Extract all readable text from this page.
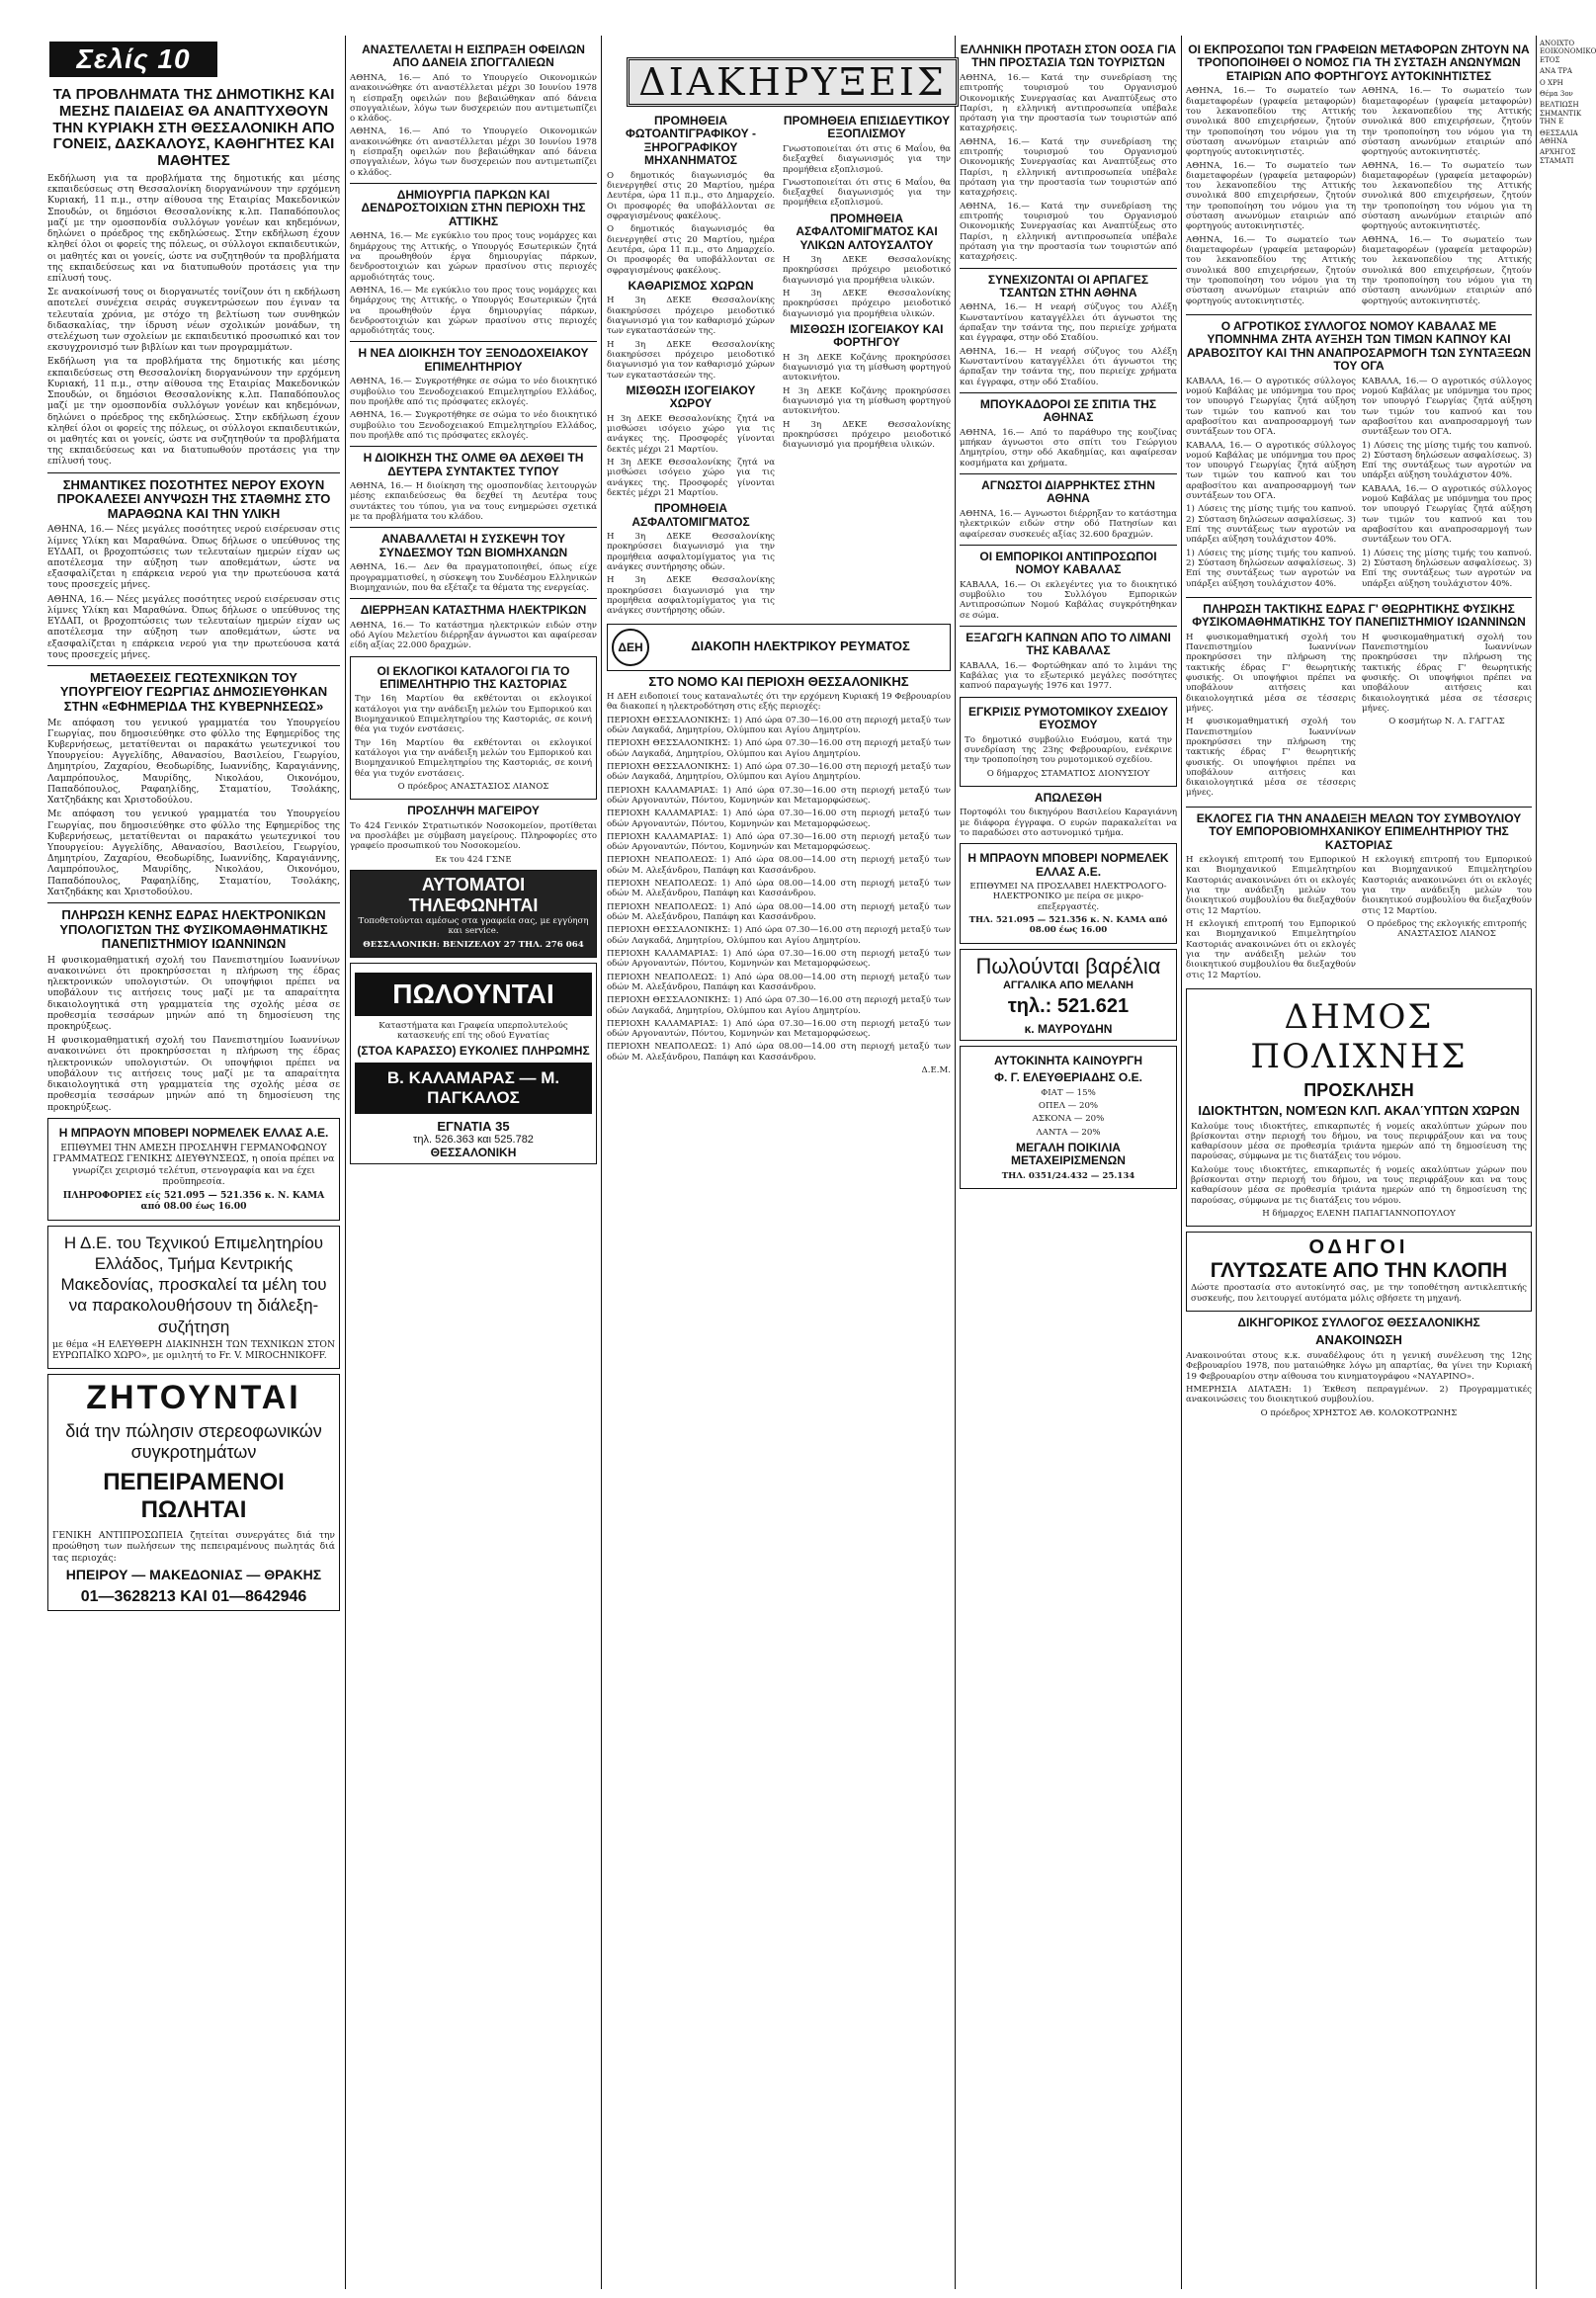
Σελίς 10
ΤΑ ΠΡΟΒΛΗΜΑΤΑ ΤΗΣ ΔΗΜΟΤΙΚΗΣ ΚΑΙ ΜΕΣΗΣ ΠΑΙΔΕΙΑΣ ΘΑ ΑΝΑΠΤΥΧΘΟΥΝ ΤΗΝ ΚΥΡΙΑΚΗ ΣΤΗ ΘΕΣΣΑΛΟΝΙΚΗ ΑΠΟ ΓΟΝΕΙΣ, ΔΑΣΚΑΛΟΥΣ, ΚΑΘΗΓΗΤΕΣ ΚΑΙ ΜΑΘΗΤΕΣ

Εκδήλωση για τα προβλήματα της δημοτικής και μέσης εκπαιδεύσεως στη Θεσσαλονίκη διοργανώνουν την ερχόμενη Κυριακή, 11 π.μ., στην αίθουσα της Εταιρίας Μακεδονικών Σπουδών, οι δημόσιοι Θεσσαλονίκης κ.λπ. Παπαδόπουλος μαζί με την ομοσπονδία συλλόγων γονέων και κηδεμόνων, δηλώνει ο πρόεδρος της εκδηλώσεως. Στην εκδήλωση έχουν κληθεί όλοι οι φορείς της πόλεως, οι σύλλογοι εκπαιδευτικών, οι μαθητές και οι γονείς, ώστε να συζητηθούν τα προβλήματα της εκπαιδεύσεως και να διατυπωθούν προτάσεις για την επίλυσή τους.

Σε ανακοίνωσή τους οι διοργανωτές τονίζουν ότι η εκδήλωση αποτελεί συνέχεια σειράς συγκεντρώσεων που έγιναν τα τελευταία χρόνια, με στόχο τη βελτίωση των συνθηκών διδασκαλίας, την ίδρυση νέων σχολικών μονάδων, τη στελέχωση των σχολείων με εκπαιδευτικό προσωπικό και τον εκσυγχρονισμό των βιβλίων και των προγραμμάτων.

Εκδήλωση για τα προβλήματα της δημοτικής και μέσης εκπαιδεύσεως στη Θεσσαλονίκη διοργανώνουν την ερχόμενη Κυριακή, 11 π.μ., στην αίθουσα της Εταιρίας Μακεδονικών Σπουδών, οι δημόσιοι Θεσσαλονίκης κ.λπ. Παπαδόπουλος μαζί με την ομοσπονδία συλλόγων γονέων και κηδεμόνων, δηλώνει ο πρόεδρος της εκδηλώσεως. Στην εκδήλωση έχουν κληθεί όλοι οι φορείς της πόλεως, οι σύλλογοι εκπαιδευτικών, οι μαθητές και οι γονείς, ώστε να συζητηθούν τα προβλήματα της εκπαιδεύσεως και να διατυπωθούν προτάσεις για την επίλυσή τους.

ΣΗΜΑΝΤΙΚΕΣ ΠΟΣΟΤΗΤΕΣ ΝΕΡΟΥ ΕΧΟΥΝ ΠΡΟΚΑΛΕΣΕΙ ΑΝΥΨΩΣΗ ΤΗΣ ΣΤΑΘΜΗΣ ΣΤΟ ΜΑΡΑΘΩΝΑ ΚΑΙ ΤΗΝ ΥΛΙΚΗ

ΑΘΗΝΑ, 16.— Νέες μεγάλες ποσότητες νερού εισέρευσαν στις λίμνες Υλίκη και Μαραθώνα. Όπως δήλωσε ο υπεύθυνος της ΕΥΔΑΠ, οι βροχοπτώσεις των τελευταίων ημερών είχαν ως αποτέλεσμα την αύξηση των αποθεμάτων, ώστε να εξασφαλίζεται η επάρκεια νερού για την πρωτεύουσα κατά τους προσεχείς μήνες.

ΑΘΗΝΑ, 16.— Νέες μεγάλες ποσότητες νερού εισέρευσαν στις λίμνες Υλίκη και Μαραθώνα. Όπως δήλωσε ο υπεύθυνος της ΕΥΔΑΠ, οι βροχοπτώσεις των τελευταίων ημερών είχαν ως αποτέλεσμα την αύξηση των αποθεμάτων, ώστε να εξασφαλίζεται η επάρκεια νερού για την πρωτεύουσα κατά τους προσεχείς μήνες.

ΜΕΤΑΘΕΣΕΙΣ ΓΕΩΤΕΧΝΙΚΩΝ ΤΟΥ ΥΠΟΥΡΓΕΙΟΥ ΓΕΩΡΓΙΑΣ ΔΗΜΟΣΙΕΥΘΗΚΑΝ ΣΤΗΝ «ΕΦΗΜΕΡΙΔΑ ΤΗΣ ΚΥΒΕΡΝΗΣΕΩΣ»

Με απόφαση του γενικού γραμματέα του Υπουργείου Γεωργίας, που δημοσιεύθηκε στο φύλλο της Εφημερίδος της Κυβερνήσεως, μετατίθενται οι παρακάτω γεωτεχνικοί του Υπουργείου: Αγγελίδης, Αθανασίου, Βασιλείου, Γεωργίου, Δημητρίου, Ζαχαρίου, Θεοδωρίδης, Ιωαννίδης, Καραγιάννης, Λαμπρόπουλος, Μαυρίδης, Νικολάου, Οικονόμου, Παπαδόπουλος, Ραφαηλίδης, Σταματίου, Τσολάκης, Χατζηδάκης και Χριστοδούλου.

Με απόφαση του γενικού γραμματέα του Υπουργείου Γεωργίας, που δημοσιεύθηκε στο φύλλο της Εφημερίδος της Κυβερνήσεως, μετατίθενται οι παρακάτω γεωτεχνικοί του Υπουργείου: Αγγελίδης, Αθανασίου, Βασιλείου, Γεωργίου, Δημητρίου, Ζαχαρίου, Θεοδωρίδης, Ιωαννίδης, Καραγιάννης, Λαμπρόπουλος, Μαυρίδης, Νικολάου, Οικονόμου, Παπαδόπουλος, Ραφαηλίδης, Σταματίου, Τσολάκης, Χατζηδάκης και Χριστοδούλου.

ΠΛΗΡΩΣΗ ΚΕΝΗΣ ΕΔΡΑΣ ΗΛΕΚΤΡΟΝΙΚΩΝ ΥΠΟΛΟΓΙΣΤΩΝ ΤΗΣ ΦΥΣΙΚΟΜΑΘΗΜΑΤΙΚΗΣ ΠΑΝΕΠΙΣΤΗΜΙΟΥ ΙΩΑΝΝΙΝΩΝ

Η φυσικομαθηματική σχολή του Πανεπιστημίου Ιωαννίνων ανακοινώνει ότι προκηρύσσεται η πλήρωση της έδρας ηλεκτρονικών υπολογιστών. Οι υποψήφιοι πρέπει να υποβάλουν τις αιτήσεις τους μαζί με τα απαραίτητα δικαιολογητικά στη γραμματεία της σχολής μέσα σε προθεσμία τεσσάρων μηνών από τη δημοσίευση της προκηρύξεως.

Η φυσικομαθηματική σχολή του Πανεπιστημίου Ιωαννίνων ανακοινώνει ότι προκηρύσσεται η πλήρωση της έδρας ηλεκτρονικών υπολογιστών. Οι υποψήφιοι πρέπει να υποβάλουν τις αιτήσεις τους μαζί με τα απαραίτητα δικαιολογητικά στη γραμματεία της σχολής μέσα σε προθεσμία τεσσάρων μηνών από τη δημοσίευση της προκηρύξεως.

Η ΜΠΡΑΟΥΝ ΜΠΟΒΕΡΙ ΝΟΡΜΕΛΕΚ ΕΛΛΑΣ Α.Ε.

ΕΠΙΘΥΜΕΙ ΤΗΝ ΑΜΕΣΗ ΠΡΟΣΛΗΨΗ ΓΕΡΜΑΝΟΦΩΝΟΥ ΓΡΑΜΜΑΤΕΩΣ ΓΕΝΙΚΗΣ ΔΙΕΥΘΥΝΣΕΩΣ, η οποία πρέπει να γνωρίζει χειρισμό τελέτυπ, στενογραφία και να έχει προϋπηρεσία.

ΠΛΗΡΟΦΟΡΙΕΣ είς 521.095 — 521.356 κ. Ν. ΚΑΜΑ από 08.00 έως 16.00

Η Δ.Ε. του Τεχνικού Επιμελητηρίου Ελλάδος, Τμήμα Κεντρικής Μακεδονίας, προσκαλεί τα μέλη του να παρακολουθήσουν τη διάλεξη-συζήτηση

με θέμα «Η ΕΛΕΥΘΕΡΗ ΔΙΑΚΙΝΗΣΗ ΤΩΝ ΤΕΧΝΙΚΩΝ ΣΤΟΝ ΕΥΡΩΠΑΪΚΟ ΧΩΡΟ», με ομιλητή το Fr. V. MIROCHNIKOFF.

ΖΗΤΟΥΝΤΑΙ
διά την πώλησιν στερεοφωνικών συγκροτημάτων
ΠΕΠΕΙΡΑΜΕΝΟΙ ΠΩΛΗΤΑΙ

ΓΕΝΙΚΗ ΑΝΤΙΠΡΟΣΩΠΕΙΑ ζητείται συνεργάτες διά την προώθηση των πωλήσεων της πεπειραμένους πωλητάς διά τας περιοχάς:

ΗΠΕΙΡΟΥ — ΜΑΚΕΔΟΝΙΑΣ — ΘΡΑΚΗΣ
01—3628213 ΚΑΙ 01—8642946
ΑΝΑΣΤΕΛΛΕΤΑΙ Η ΕΙΣΠΡΑΞΗ ΟΦΕΙΛΩΝ ΑΠΟ ΔΑΝΕΙΑ ΣΠΟΓΓΑΛΙΕΩΝ

ΑΘΗΝΑ, 16.— Από το Υπουργείο Οικονομικών ανακοινώθηκε ότι αναστέλλεται μέχρι 30 Ιουνίου 1978 η είσπραξη οφειλών που βεβαιώθηκαν από δάνεια σπογγαλιέων, λόγω των δυσχερειών που αντιμετωπίζει ο κλάδος.

ΑΘΗΝΑ, 16.— Από το Υπουργείο Οικονομικών ανακοινώθηκε ότι αναστέλλεται μέχρι 30 Ιουνίου 1978 η είσπραξη οφειλών που βεβαιώθηκαν από δάνεια σπογγαλιέων, λόγω των δυσχερειών που αντιμετωπίζει ο κλάδος.

ΔΗΜΙΟΥΡΓΙΑ ΠΑΡΚΩΝ ΚΑΙ ΔΕΝΔΡΟΣΤΟΙΧΙΩΝ ΣΤΗΝ ΠΕΡΙΟΧΗ ΤΗΣ ΑΤΤΙΚΗΣ

ΑΘΗΝΑ, 16.— Με εγκύκλιο του προς τους νομάρχες και δημάρχους της Αττικής, ο Υπουργός Εσωτερικών ζητά να προωθηθούν έργα δημιουργίας πάρκων, δενδροστοιχιών και χώρων πρασίνου στις περιοχές αρμοδιότητάς τους.

ΑΘΗΝΑ, 16.— Με εγκύκλιο του προς τους νομάρχες και δημάρχους της Αττικής, ο Υπουργός Εσωτερικών ζητά να προωθηθούν έργα δημιουργίας πάρκων, δενδροστοιχιών και χώρων πρασίνου στις περιοχές αρμοδιότητάς τους.

Η ΝΕΑ ΔΙΟΙΚΗΣΗ ΤΟΥ ΞΕΝΟΔΟΧΕΙΑΚΟΥ ΕΠΙΜΕΛΗΤΗΡΙΟΥ

ΑΘΗΝΑ, 16.— Συγκροτήθηκε σε σώμα το νέο διοικητικό συμβούλιο του Ξενοδοχειακού Επιμελητηρίου Ελλάδος, που προήλθε από τις πρόσφατες εκλογές.

ΑΘΗΝΑ, 16.— Συγκροτήθηκε σε σώμα το νέο διοικητικό συμβούλιο του Ξενοδοχειακού Επιμελητηρίου Ελλάδος, που προήλθε από τις πρόσφατες εκλογές.

Η ΔΙΟΙΚΗΣΗ ΤΗΣ ΟΛΜΕ ΘΑ ΔΕΧΘΕΙ ΤΗ ΔΕΥΤΕΡΑ ΣΥΝΤΑΚΤΕΣ ΤΥΠΟΥ

ΑΘΗΝΑ, 16.— Η διοίκηση της ομοσπονδίας λειτουργών μέσης εκπαιδεύσεως θα δεχθεί τη Δευτέρα τους συντάκτες του τύπου, για να τους ενημερώσει σχετικά με τα προβλήματα του κλάδου.

ΑΝΑΒΑΛΛΕΤΑΙ Η ΣΥΣΚΕΨΗ ΤΟΥ ΣΥΝΔΕΣΜΟΥ ΤΩΝ ΒΙΟΜΗΧΑΝΩΝ

ΑΘΗΝΑ, 16.— Δεν θα πραγματοποιηθεί, όπως είχε προγραμματισθεί, η σύσκεψη του Συνδέσμου Ελληνικών Βιομηχανιών, που θα εξέταζε τα θέματα της ενεργείας.

ΔΙΕΡΡΗΞΑΝ ΚΑΤΑΣΤΗΜΑ ΗΛΕΚΤΡΙΚΩΝ

ΑΘΗΝΑ, 16.— Το κατάστημα ηλεκτρικών ειδών στην οδό Αγίου Μελετίου διέρρηξαν άγνωστοι και αφαίρεσαν είδη αξίας 22.000 δραχμών.

ΟΙ ΕΚΛΟΓΙΚΟΙ ΚΑΤΑΛΟΓΟΙ ΓΙΑ ΤΟ ΕΠΙΜΕΛΗΤΗΡΙΟ ΤΗΣ ΚΑΣΤΟΡΙΑΣ

Την 16η Μαρτίου θα εκθέτονται οι εκλογικοί κατάλογοι για την ανάδειξη μελών του Εμπορικού και Βιομηχανικού Επιμελητηρίου της Καστοριάς, σε κοινή θέα για τυχόν ενστάσεις.

Την 16η Μαρτίου θα εκθέτονται οι εκλογικοί κατάλογοι για την ανάδειξη μελών του Εμπορικού και Βιομηχανικού Επιμελητηρίου της Καστοριάς, σε κοινή θέα για τυχόν ενστάσεις.

Ο πρόεδρος ΑΝΑΣΤΑΣΙΟΣ ΛΙΑΝΟΣ

ΠΡΟΣΛΗΨΗ ΜΑΓΕΙΡΟΥ

Το 424 Γενικόν Στρατιωτικόν Νοσοκομείον, προτίθεται να προσλάβει με σύμβαση μαγείρους. Πληροφορίες στο γραφείο προσωπικού του Νοσοκομείου.

Εκ του 424 ΓΣΝΕ

ΑΥΤΟΜΑΤΟΙ ΤΗΛΕΦΩΝΗΤΑΙ

Τοποθετούνται αμέσως στα γραφεία σας, με εγγύηση και service.

ΘΕΣΣΑΛΟΝΙΚΗ: ΒΕΝΙΖΕΛΟΥ 27 ΤΗΛ. 276 064

ΠΩΛΟΥΝΤΑΙ

Καταστήματα και Γραφεία υπερπολυτελούς κατασκευής επί της οδού Εγνατίας

(ΣΤΟΑ ΚΑΡΑΣΣΟ) ΕΥΚΟΛΙΕΣ ΠΛΗΡΩΜΗΣ
Β. ΚΑΛΑΜΑΡΑΣ — Μ. ΠΑΓΚΑΛΟΣ
ΕΓΝΑΤΙΑ 35
τηλ. 526.363 και 525.782
ΘΕΣΣΑΛΟΝΙΚΗ
ΔΙΑΚΗΡΥΞΕΙΣ
ΠΡΟΜΗΘΕΙΑ ΦΩΤΟΑΝΤΙΓΡΑΦΙΚΟΥ - ΞΗΡΟΓΡΑΦΙΚΟΥ ΜΗΧΑΝΗΜΑΤΟΣ

Ο δημοτικός διαγωνισμός θα διενεργηθεί στις 20 Μαρτίου, ημέρα Δευτέρα, ώρα 11 π.μ., στο Δημαρχείο. Οι προσφορές θα υποβάλλονται σε σφραγισμένους φακέλους.

Ο δημοτικός διαγωνισμός θα διενεργηθεί στις 20 Μαρτίου, ημέρα Δευτέρα, ώρα 11 π.μ., στο Δημαρχείο. Οι προσφορές θα υποβάλλονται σε σφραγισμένους φακέλους.

ΚΑΘΑΡΙΣΜΟΣ ΧΩΡΩΝ

Η 3η ΔΕΚΕ Θεσσαλονίκης διακηρύσσει πρόχειρο μειοδοτικό διαγωνισμό για τον καθαρισμό χώρων των εγκαταστάσεών της.

Η 3η ΔΕΚΕ Θεσσαλονίκης διακηρύσσει πρόχειρο μειοδοτικό διαγωνισμό για τον καθαρισμό χώρων των εγκαταστάσεών της.

ΜΙΣΘΩΣΗ ΙΣΟΓΕΙΑΚΟΥ ΧΩΡΟΥ

Η 3η ΔΕΚΕ Θεσσαλονίκης ζητά να μισθώσει ισόγειο χώρο για τις ανάγκες της. Προσφορές γίνονται δεκτές μέχρι 21 Μαρτίου.

Η 3η ΔΕΚΕ Θεσσαλονίκης ζητά να μισθώσει ισόγειο χώρο για τις ανάγκες της. Προσφορές γίνονται δεκτές μέχρι 21 Μαρτίου.

ΠΡΟΜΗΘΕΙΑ ΑΣΦΑΛΤΟΜΙΓΜΑΤΟΣ

Η 3η ΔΕΚΕ Θεσσαλονίκης προκηρύσσει διαγωνισμό για την προμήθεια ασφαλτομίγματος για τις ανάγκες συντήρησης οδών.

Η 3η ΔΕΚΕ Θεσσαλονίκης προκηρύσσει διαγωνισμό για την προμήθεια ασφαλτομίγματος για τις ανάγκες συντήρησης οδών.

ΠΡΟΜΗΘΕΙΑ ΕΠΙΣΙΔΕΥΤΙΚΟΥ ΕΞΟΠΛΙΣΜΟΥ

Γνωστοποιείται ότι στις 6 Μαΐου, θα διεξαχθεί διαγωνισμός για την προμήθεια εξοπλισμού.

Γνωστοποιείται ότι στις 6 Μαΐου, θα διεξαχθεί διαγωνισμός για την προμήθεια εξοπλισμού.

ΠΡΟΜΗΘΕΙΑ ΑΣΦΑΛΤΟΜΙΓΜΑΤΟΣ ΚΑΙ ΥΛΙΚΩΝ ΑΛΤΟΥΣΑΛΤΟΥ

Η 3η ΔΕΚΕ Θεσσαλονίκης προκηρύσσει πρόχειρο μειοδοτικό διαγωνισμό για προμήθεια υλικών.

Η 3η ΔΕΚΕ Θεσσαλονίκης προκηρύσσει πρόχειρο μειοδοτικό διαγωνισμό για προμήθεια υλικών.

ΜΙΣΘΩΣΗ ΙΣΟΓΕΙΑΚΟΥ ΚΑΙ ΦΟΡΤΗΓΟΥ

Η 3η ΔΕΚΕ Κοζάνης προκηρύσσει διαγωνισμό για τη μίσθωση φορτηγού αυτοκινήτου.

Η 3η ΔΕΚΕ Κοζάνης προκηρύσσει διαγωνισμό για τη μίσθωση φορτηγού αυτοκινήτου.

Η 3η ΔΕΚΕ Θεσσαλονίκης προκηρύσσει πρόχειρο μειοδοτικό διαγωνισμό για προμήθεια υλικών.

ΔΕΗ	ΔΙΑΚΟΠΗ ΗΛΕΚΤΡΙΚΟΥ ΡΕΥΜΑΤΟΣ
ΣΤΟ ΝΟΜΟ ΚΑΙ ΠΕΡΙΟΧΗ ΘΕΣΣΑΛΟΝΙΚΗΣ

Η ΔΕΗ ειδοποιεί τους καταναλωτές ότι την ερχόμενη Κυριακή 19 Φεβρουαρίου θα διακοπεί η ηλεκτροδότηση στις εξής περιοχές:

ΠΕΡΙΟΧΗ ΘΕΣΣΑΛΟΝΙΚΗΣ: 1) Από ώρα 07.30—16.00 στη περιοχή μεταξύ των οδών Λαγκαδά, Δημητρίου, Ολύμπου και Αγίου Δημητρίου.

ΠΕΡΙΟΧΗ ΘΕΣΣΑΛΟΝΙΚΗΣ: 1) Από ώρα 07.30—16.00 στη περιοχή μεταξύ των οδών Λαγκαδά, Δημητρίου, Ολύμπου και Αγίου Δημητρίου.

ΠΕΡΙΟΧΗ ΘΕΣΣΑΛΟΝΙΚΗΣ: 1) Από ώρα 07.30—16.00 στη περιοχή μεταξύ των οδών Λαγκαδά, Δημητρίου, Ολύμπου και Αγίου Δημητρίου.

ΠΕΡΙΟΧΗ ΚΑΛΑΜΑΡΙΑΣ: 1) Από ώρα 07.30—16.00 στη περιοχή μεταξύ των οδών Αργοναυτών, Πόντου, Κομνηνών και Μεταμορφώσεως.

ΠΕΡΙΟΧΗ ΚΑΛΑΜΑΡΙΑΣ: 1) Από ώρα 07.30—16.00 στη περιοχή μεταξύ των οδών Αργοναυτών, Πόντου, Κομνηνών και Μεταμορφώσεως.

ΠΕΡΙΟΧΗ ΚΑΛΑΜΑΡΙΑΣ: 1) Από ώρα 07.30—16.00 στη περιοχή μεταξύ των οδών Αργοναυτών, Πόντου, Κομνηνών και Μεταμορφώσεως.

ΠΕΡΙΟΧΗ ΝΕΑΠΟΛΕΩΣ: 1) Από ώρα 08.00—14.00 στη περιοχή μεταξύ των οδών Μ. Αλεξάνδρου, Παπάφη και Κασσάνδρου.

ΠΕΡΙΟΧΗ ΝΕΑΠΟΛΕΩΣ: 1) Από ώρα 08.00—14.00 στη περιοχή μεταξύ των οδών Μ. Αλεξάνδρου, Παπάφη και Κασσάνδρου.

ΠΕΡΙΟΧΗ ΝΕΑΠΟΛΕΩΣ: 1) Από ώρα 08.00—14.00 στη περιοχή μεταξύ των οδών Μ. Αλεξάνδρου, Παπάφη και Κασσάνδρου.

ΠΕΡΙΟΧΗ ΘΕΣΣΑΛΟΝΙΚΗΣ: 1) Από ώρα 07.30—16.00 στη περιοχή μεταξύ των οδών Λαγκαδά, Δημητρίου, Ολύμπου και Αγίου Δημητρίου.

ΠΕΡΙΟΧΗ ΚΑΛΑΜΑΡΙΑΣ: 1) Από ώρα 07.30—16.00 στη περιοχή μεταξύ των οδών Αργοναυτών, Πόντου, Κομνηνών και Μεταμορφώσεως.

ΠΕΡΙΟΧΗ ΝΕΑΠΟΛΕΩΣ: 1) Από ώρα 08.00—14.00 στη περιοχή μεταξύ των οδών Μ. Αλεξάνδρου, Παπάφη και Κασσάνδρου.

ΠΕΡΙΟΧΗ ΘΕΣΣΑΛΟΝΙΚΗΣ: 1) Από ώρα 07.30—16.00 στη περιοχή μεταξύ των οδών Λαγκαδά, Δημητρίου, Ολύμπου και Αγίου Δημητρίου.

ΠΕΡΙΟΧΗ ΚΑΛΑΜΑΡΙΑΣ: 1) Από ώρα 07.30—16.00 στη περιοχή μεταξύ των οδών Αργοναυτών, Πόντου, Κομνηνών και Μεταμορφώσεως.

ΠΕΡΙΟΧΗ ΝΕΑΠΟΛΕΩΣ: 1) Από ώρα 08.00—14.00 στη περιοχή μεταξύ των οδών Μ. Αλεξάνδρου, Παπάφη και Κασσάνδρου.

Δ.Ε.Μ.

ΕΛΛΗΝΙΚΗ ΠΡΟΤΑΣΗ ΣΤΟΝ ΟΟΣΑ ΓΙΑ ΤΗΝ ΠΡΟΣΤΑΣΙΑ ΤΩΝ ΤΟΥΡΙΣΤΩΝ

ΑΘΗΝΑ, 16.— Κατά την συνεδρίαση της επιτροπής τουρισμού του Οργανισμού Οικονομικής Συνεργασίας και Αναπτύξεως στο Παρίσι, η ελληνική αντιπροσωπεία υπέβαλε πρόταση για την προστασία των τουριστών από καταχρήσεις.

ΑΘΗΝΑ, 16.— Κατά την συνεδρίαση της επιτροπής τουρισμού του Οργανισμού Οικονομικής Συνεργασίας και Αναπτύξεως στο Παρίσι, η ελληνική αντιπροσωπεία υπέβαλε πρόταση για την προστασία των τουριστών από καταχρήσεις.

ΑΘΗΝΑ, 16.— Κατά την συνεδρίαση της επιτροπής τουρισμού του Οργανισμού Οικονομικής Συνεργασίας και Αναπτύξεως στο Παρίσι, η ελληνική αντιπροσωπεία υπέβαλε πρόταση για την προστασία των τουριστών από καταχρήσεις.

ΣΥΝΕΧΙΖΟΝΤΑΙ ΟΙ ΑΡΠΑΓΕΣ ΤΣΑΝΤΩΝ ΣΤΗΝ ΑΘΗΝΑ

ΑΘΗΝΑ, 16.— Η νεαρή σύζυγος του Αλέξη Κωνσταντίνου καταγγέλλει ότι άγνωστοι της άρπαξαν την τσάντα της, που περιείχε χρήματα και έγγραφα, στην οδό Σταδίου.

ΑΘΗΝΑ, 16.— Η νεαρή σύζυγος του Αλέξη Κωνσταντίνου καταγγέλλει ότι άγνωστοι της άρπαξαν την τσάντα της, που περιείχε χρήματα και έγγραφα, στην οδό Σταδίου.

ΜΠΟΥΚΑΔΟΡΟΙ ΣΕ ΣΠΙΤΙΑ ΤΗΣ ΑΘΗΝΑΣ

ΑΘΗΝΑ, 16.— Από το παράθυρο της κουζίνας μπήκαν άγνωστοι στο σπίτι του Γεώργιου Δημητρίου, στην οδό Ακαδημίας, και αφαίρεσαν κοσμήματα και χρήματα.

ΑΓΝΩΣΤΟΙ ΔΙΑΡΡΗΚΤΕΣ ΣΤΗΝ ΑΘΗΝΑ

ΑΘΗΝΑ, 16.— Αγνωστοι διέρρηξαν το κατάστημα ηλεκτρικών ειδών στην οδό Πατησίων και αφαίρεσαν συσκευές αξίας 32.600 δραχμών.

ΟΙ ΕΜΠΟΡΙΚΟΙ ΑΝΤΙΠΡΟΣΩΠΟΙ ΝΟΜΟΥ ΚΑΒΑΛΑΣ

ΚΑΒΑΛΑ, 16.— Οι εκλεγέντες για το διοικητικό συμβούλιο του Συλλόγου Εμπορικών Αντιπροσώπων Νομού Καβάλας συγκρότηθηκαν σε σώμα.

ΕΞΑΓΩΓΗ ΚΑΠΝΩΝ ΑΠΟ ΤΟ ΛΙΜΑΝΙ ΤΗΣ ΚΑΒΑΛΑΣ

ΚΑΒΑΛΑ, 16.— Φορτώθηκαν από το λιμάνι της Καβάλας για το εξωτερικό μεγάλες ποσότητες καπνού παραγωγής 1976 και 1977.

ΕΓΚΡΙΣΙΣ ΡΥΜΟΤΟΜΙΚΟΥ ΣΧΕΔΙΟΥ ΕΥΟΣΜΟΥ

Το δημοτικό συμβούλιο Ευόσμου, κατά την συνεδρίαση της 23ης Φεβρουαρίου, ενέκρινε την τροποποίηση του ρυμοτομικού σχεδίου.

Ο δήμαρχος ΣΤΑΜΑΤΙΟΣ ΔΙΟΝΥΣΙΟΥ

ΑΠΩΛΕΣΘΗ

Πορτοφόλι του δικηγόρου Βασιλείου Καραγιάννη με διάφορα έγγραφα. Ο ευρών παρακαλείται να το παραδώσει στο αστυνομικό τμήμα.

Η ΜΠΡΑΟΥΝ ΜΠΟΒΕΡΙ ΝΟΡΜΕΛΕΚ ΕΛΛΑΣ Α.Ε.

ΕΠΙΘΥΜΕΙ ΝΑ ΠΡΟΣΛΑΒΕΙ ΗΛΕΚΤΡΟΛΟΓΟ-ΗΛΕΚΤΡΟΝΙΚΟ με πείρα σε μικρο-επεξεργαστές.

ΤΗΛ. 521.095 — 521.356 κ. Ν. ΚΑΜΑ από 08.00 έως 16.00

Πωλούνται βαρέλια
ΑΓΓΑΛΙΚΑ ΑΠΟ ΜΕΛΑΝΗ
τηλ.: 521.621
κ. ΜΑΥΡΟΥΔΗΝ
ΑΥΤΟΚΙΝΗΤΑ ΚΑΙΝΟΥΡΓΗ
Φ. Γ. ΕΛΕΥΘΕΡΙΑΔΗΣ Ο.Ε.
ΦΙΑΤ — 15%
ΟΠΕΛ — 20%
ΑΣΚΟΝΑ — 20%
ΛΑΝΤΑ — 20%
ΜΕΓΑΛΗ ΠΟΙΚΙΛΙΑ ΜΕΤΑΧΕΙΡΙΣΜΕΝΩΝ
ΤΗΛ. 0351/24.432 — 25.134
ΟΙ ΕΚΠΡΟΣΩΠΟΙ ΤΩΝ ΓΡΑΦΕΙΩΝ ΜΕΤΑΦΟΡΩΝ ΖΗΤΟΥΝ ΝΑ ΤΡΟΠΟΠΟΙΗΘΕΙ Ο ΝΟΜΟΣ ΓΙΑ ΤΗ ΣΥΣΤΑΣΗ ΑΝΩΝΥΜΩΝ ΕΤΑΙΡΙΩΝ ΑΠΟ ΦΟΡΤΗΓΟΥΣ ΑΥΤΟΚΙΝΗΤΙΣΤΕΣ

ΑΘΗΝΑ, 16.— Το σωματείο των διαμεταφορέων (γραφεία μεταφορών) του λεκανοπεδίου της Αττικής συνολικά 800 επιχειρήσεων, ζητούν την τροποποίηση του νόμου για τη σύσταση ανωνύμων εταιριών από φορτηγούς αυτοκινητιστές.

ΑΘΗΝΑ, 16.— Το σωματείο των διαμεταφορέων (γραφεία μεταφορών) του λεκανοπεδίου της Αττικής συνολικά 800 επιχειρήσεων, ζητούν την τροποποίηση του νόμου για τη σύσταση ανωνύμων εταιριών από φορτηγούς αυτοκινητιστές.

ΑΘΗΝΑ, 16.— Το σωματείο των διαμεταφορέων (γραφεία μεταφορών) του λεκανοπεδίου της Αττικής συνολικά 800 επιχειρήσεων, ζητούν την τροποποίηση του νόμου για τη σύσταση ανωνύμων εταιριών από φορτηγούς αυτοκινητιστές.

ΑΘΗΝΑ, 16.— Το σωματείο των διαμεταφορέων (γραφεία μεταφορών) του λεκανοπεδίου της Αττικής συνολικά 800 επιχειρήσεων, ζητούν την τροποποίηση του νόμου για τη σύσταση ανωνύμων εταιριών από φορτηγούς αυτοκινητιστές.

ΑΘΗΝΑ, 16.— Το σωματείο των διαμεταφορέων (γραφεία μεταφορών) του λεκανοπεδίου της Αττικής συνολικά 800 επιχειρήσεων, ζητούν την τροποποίηση του νόμου για τη σύσταση ανωνύμων εταιριών από φορτηγούς αυτοκινητιστές.

ΑΘΗΝΑ, 16.— Το σωματείο των διαμεταφορέων (γραφεία μεταφορών) του λεκανοπεδίου της Αττικής συνολικά 800 επιχειρήσεων, ζητούν την τροποποίηση του νόμου για τη σύσταση ανωνύμων εταιριών από φορτηγούς αυτοκινητιστές.

Ο ΑΓΡΟΤΙΚΟΣ ΣΥΛΛΟΓΟΣ ΝΟΜΟΥ ΚΑΒΑΛΑΣ ΜΕ ΥΠΟΜΝΗΜΑ ΖΗΤΑ ΑΥΞΗΣΗ ΤΩΝ ΤΙΜΩΝ ΚΑΠΝΟΥ ΚΑΙ ΑΡΑΒΟΣΙΤΟΥ ΚΑΙ ΤΗΝ ΑΝΑΠΡΟΣΑΡΜΟΓΗ ΤΩΝ ΣΥΝΤΑΞΕΩΝ ΤΟΥ ΟΓΑ

ΚΑΒΑΛΑ, 16.— Ο αγροτικός σύλλογος νομού Καβάλας με υπόμνημα του προς τον υπουργό Γεωργίας ζητά αύξηση των τιμών του καπνού και του αραβοσίτου και αναπροσαρμογή των συντάξεων του ΟΓΑ.

ΚΑΒΑΛΑ, 16.— Ο αγροτικός σύλλογος νομού Καβάλας με υπόμνημα του προς τον υπουργό Γεωργίας ζητά αύξηση των τιμών του καπνού και του αραβοσίτου και αναπροσαρμογή των συντάξεων του ΟΓΑ.

1) Λύσεις της μίσης τιμής του καπνού. 2) Σύσταση δηλώσεων ασφαλίσεως. 3) Επί της συντάξεως των αγροτών να υπάρξει αύξηση τουλάχιστον 40%.

1) Λύσεις της μίσης τιμής του καπνού. 2) Σύσταση δηλώσεων ασφαλίσεως. 3) Επί της συντάξεως των αγροτών να υπάρξει αύξηση τουλάχιστον 40%.

ΚΑΒΑΛΑ, 16.— Ο αγροτικός σύλλογος νομού Καβάλας με υπόμνημα του προς τον υπουργό Γεωργίας ζητά αύξηση των τιμών του καπνού και του αραβοσίτου και αναπροσαρμογή των συντάξεων του ΟΓΑ.

1) Λύσεις της μίσης τιμής του καπνού. 2) Σύσταση δηλώσεων ασφαλίσεως. 3) Επί της συντάξεως των αγροτών να υπάρξει αύξηση τουλάχιστον 40%.

ΚΑΒΑΛΑ, 16.— Ο αγροτικός σύλλογος νομού Καβάλας με υπόμνημα του προς τον υπουργό Γεωργίας ζητά αύξηση των τιμών του καπνού και του αραβοσίτου και αναπροσαρμογή των συντάξεων του ΟΓΑ.

1) Λύσεις της μίσης τιμής του καπνού. 2) Σύσταση δηλώσεων ασφαλίσεως. 3) Επί της συντάξεως των αγροτών να υπάρξει αύξηση τουλάχιστον 40%.

ΠΛΗΡΩΣΗ ΤΑΚΤΙΚΗΣ ΕΔΡΑΣ Γ' ΘΕΩΡΗΤΙΚΗΣ ΦΥΣΙΚΗΣ ΦΥΣΙΚΟΜΑΘΗΜΑΤΙΚΗΣ ΤΟΥ ΠΑΝΕΠΙΣΤΗΜΙΟΥ ΙΩΑΝΝΙΝΩΝ

Η φυσικομαθηματική σχολή του Πανεπιστημίου Ιωαννίνων προκηρύσσει την πλήρωση της τακτικής έδρας Γ' θεωρητικής φυσικής. Οι υποψήφιοι πρέπει να υποβάλουν αιτήσεις και δικαιολογητικά μέσα σε τέσσερις μήνες.

Η φυσικομαθηματική σχολή του Πανεπιστημίου Ιωαννίνων προκηρύσσει την πλήρωση της τακτικής έδρας Γ' θεωρητικής φυσικής. Οι υποψήφιοι πρέπει να υποβάλουν αιτήσεις και δικαιολογητικά μέσα σε τέσσερις μήνες.

Η φυσικομαθηματική σχολή του Πανεπιστημίου Ιωαννίνων προκηρύσσει την πλήρωση της τακτικής έδρας Γ' θεωρητικής φυσικής. Οι υποψήφιοι πρέπει να υποβάλουν αιτήσεις και δικαιολογητικά μέσα σε τέσσερις μήνες.

Ο κοσμήτωρ Ν. Λ. ΓΑΓΓΑΣ

ΕΚΛΟΓΕΣ ΓΙΑ ΤΗΝ ΑΝΑΔΕΙΞΗ ΜΕΛΩΝ ΤΟΥ ΣΥΜΒΟΥΛΙΟΥ ΤΟΥ ΕΜΠΟΡΟΒΙΟΜΗΧΑΝΙΚΟΥ ΕΠΙΜΕΛΗΤΗΡΙΟΥ ΤΗΣ ΚΑΣΤΟΡΙΑΣ

Η εκλογική επιτροπή του Εμπορικού και Βιομηχανικού Επιμελητηρίου Καστοριάς ανακοινώνει ότι οι εκλογές για την ανάδειξη μελών του διοικητικού συμβουλίου θα διεξαχθούν στις 12 Μαρτίου.

Η εκλογική επιτροπή του Εμπορικού και Βιομηχανικού Επιμελητηρίου Καστοριάς ανακοινώνει ότι οι εκλογές για την ανάδειξη μελών του διοικητικού συμβουλίου θα διεξαχθούν στις 12 Μαρτίου.

Η εκλογική επιτροπή του Εμπορικού και Βιομηχανικού Επιμελητηρίου Καστοριάς ανακοινώνει ότι οι εκλογές για την ανάδειξη μελών του διοικητικού συμβουλίου θα διεξαχθούν στις 12 Μαρτίου.

Ο πρόεδρος της εκλογικής επιτροπής ΑΝΑΣΤΑΣΙΟΣ ΛΙΑΝΟΣ

ΔΗΜΟΣ ΠΟΛΙΧΝΗΣ
ΠΡΟΣΚΛΗΣΗ
ΙΔΙΟΚΤΗΤΏΝ, ΝΟΜΈΩΝ ΚΛΠ. ΑΚΑΛΎΠΤΩΝ ΧΏΡΩΝ

Καλούμε τους ιδιοκτήτες, επικαρπωτές ή νομείς ακαλύπτων χώρων που βρίσκονται στην περιοχή του δήμου, να τους περιφράξουν και να τους καθαρίσουν μέσα σε προθεσμία τριάντα ημερών από τη δημοσίευση της παρούσας, σύμφωνα με τις διατάξεις του νόμου.

Καλούμε τους ιδιοκτήτες, επικαρπωτές ή νομείς ακαλύπτων χώρων που βρίσκονται στην περιοχή του δήμου, να τους περιφράξουν και να τους καθαρίσουν μέσα σε προθεσμία τριάντα ημερών από τη δημοσίευση της παρούσας, σύμφωνα με τις διατάξεις του νόμου.

Η δήμαρχος ΕΛΕΝΗ ΠΑΠΑΓΙΑΝΝΟΠΟΥΛΟΥ

ΟΔΗΓΟΙ
ΓΛΥΤΩΣΑΤΕ ΑΠΟ ΤΗΝ ΚΛΟΠΗ

Δώστε προστασία στο αυτοκίνητό σας, με την τοποθέτηση αντικλεπτικής συσκευής, που λειτουργεί αυτόματα μόλις σβήσετε τη μηχανή.

ΔΙΚΗΓΟΡΙΚΟΣ ΣΥΛΛΟΓΟΣ ΘΕΣΣΑΛΟΝΙΚΗΣ
ΑΝΑΚΟΙΝΩΣΗ

Ανακοινούται στους κ.κ. συναδέλφους ότι η γενική συνέλευση της 12ης Φεβρουαρίου 1978, που ματαιώθηκε λόγω μη απαρτίας, θα γίνει την Κυριακή 19 Φεβρουαρίου στην αίθουσα του κινηματογράφου «ΝΑΥΑΡΙΝΟ».

ΗΜΕΡΗΣΙΑ ΔΙΑΤΑΞΗ: 1) Έκθεση πεπραγμένων. 2) Προγραμματικές ανακοινώσεις του διοικητικού συμβουλίου.

Ο πρόεδρος ΧΡΗΣΤΟΣ ΑΘ. ΚΟΛΟΚΟΤΡΩΝΗΣ

ΑΝΟΙΧΤΟ ΕΟΙΚΟΝΟΜΙΚΟ ΕΤΟΣ

ΑΝΑ ΤΡΑ

Ο ΧΡΗ

Θέμα 3ον

ΒΕΛΤΙΩΣΗ ΣΗΜΑΝΤΙΚ ΤΗΝ Ε

ΘΕΣΣΑΛΙΑ ΑΘΗΝΑ

ΑΡΧΗΓΟΣ ΣΤΑΜΑΤΙ
